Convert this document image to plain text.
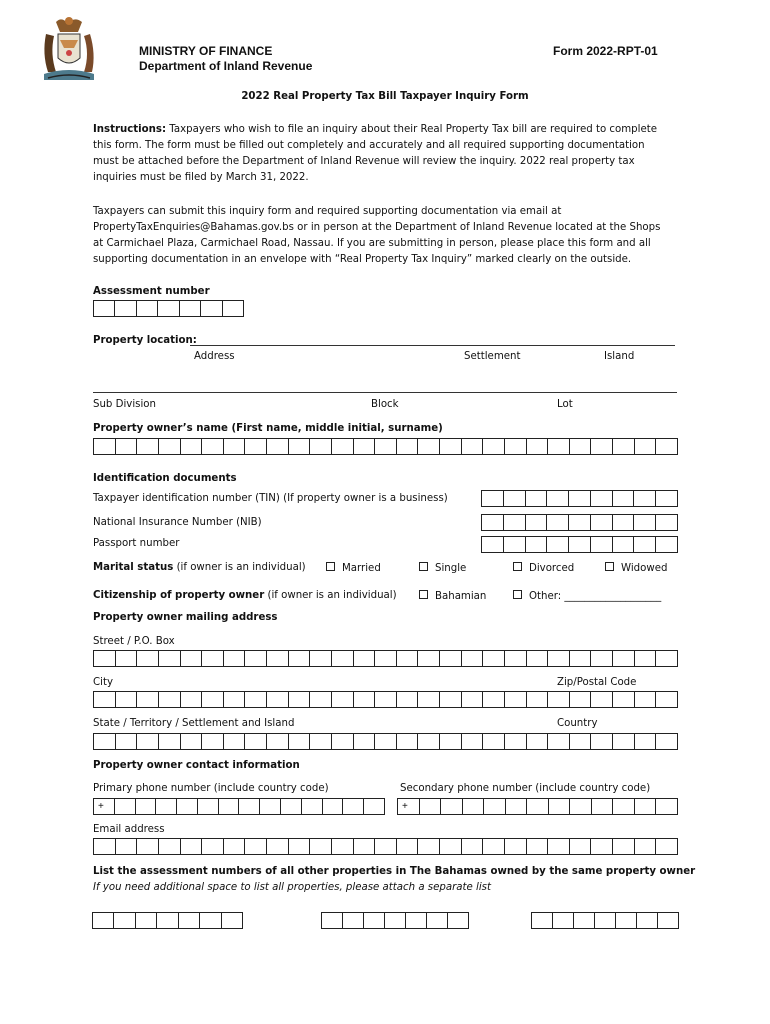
MINISTRY OF FINANCE
Department of Inland Revenue
Form 2022-RPT-01
2022 Real Property Tax Bill Taxpayer Inquiry Form
Instructions: Taxpayers who wish to file an inquiry about their Real Property Tax bill are required to complete
this form. The form must be filled out completely and accurately and all required supporting documentation
must be attached before the Department of Inland Revenue will review the inquiry. 2022 real property tax
inquiries must be filed by March 31, 2022.
Taxpayers can submit this inquiry form and required supporting documentation via email at
PropertyTaxEnquiries@Bahamas.gov.bs or in person at the Department of Inland Revenue located at the Shops
at Carmichael Plaza, Carmichael Road, Nassau. If you are submitting in person, please place this form and all
supporting documentation in an envelope with “Real Property Tax Inquiry” marked clearly on the outside.
Assessment number
Property location:
Address	Settlement	Island
Sub Division	Block	Lot
Property owner’s name (First name, middle initial, surname)
Identification documents
Taxpayer identification number (TIN) (If property owner is a business)
National Insurance Number (NIB)
Passport number
Marital status (if owner is an individual)	Married	Single	Divorced	Widowed
Citizenship of property owner (if owner is an individual)	Bahamian	Other: ___________________
Property owner mailing address
Street / P.O. Box
City	Zip/Postal Code
State / Territory / Settlement and Island	Country
Property owner contact information
Primary phone number (include country code)	Secondary phone number (include country code)
+	+
Email address
List the assessment numbers of all other properties in The Bahamas owned by the same property owner
If you need additional space to list all properties, please attach a separate list
